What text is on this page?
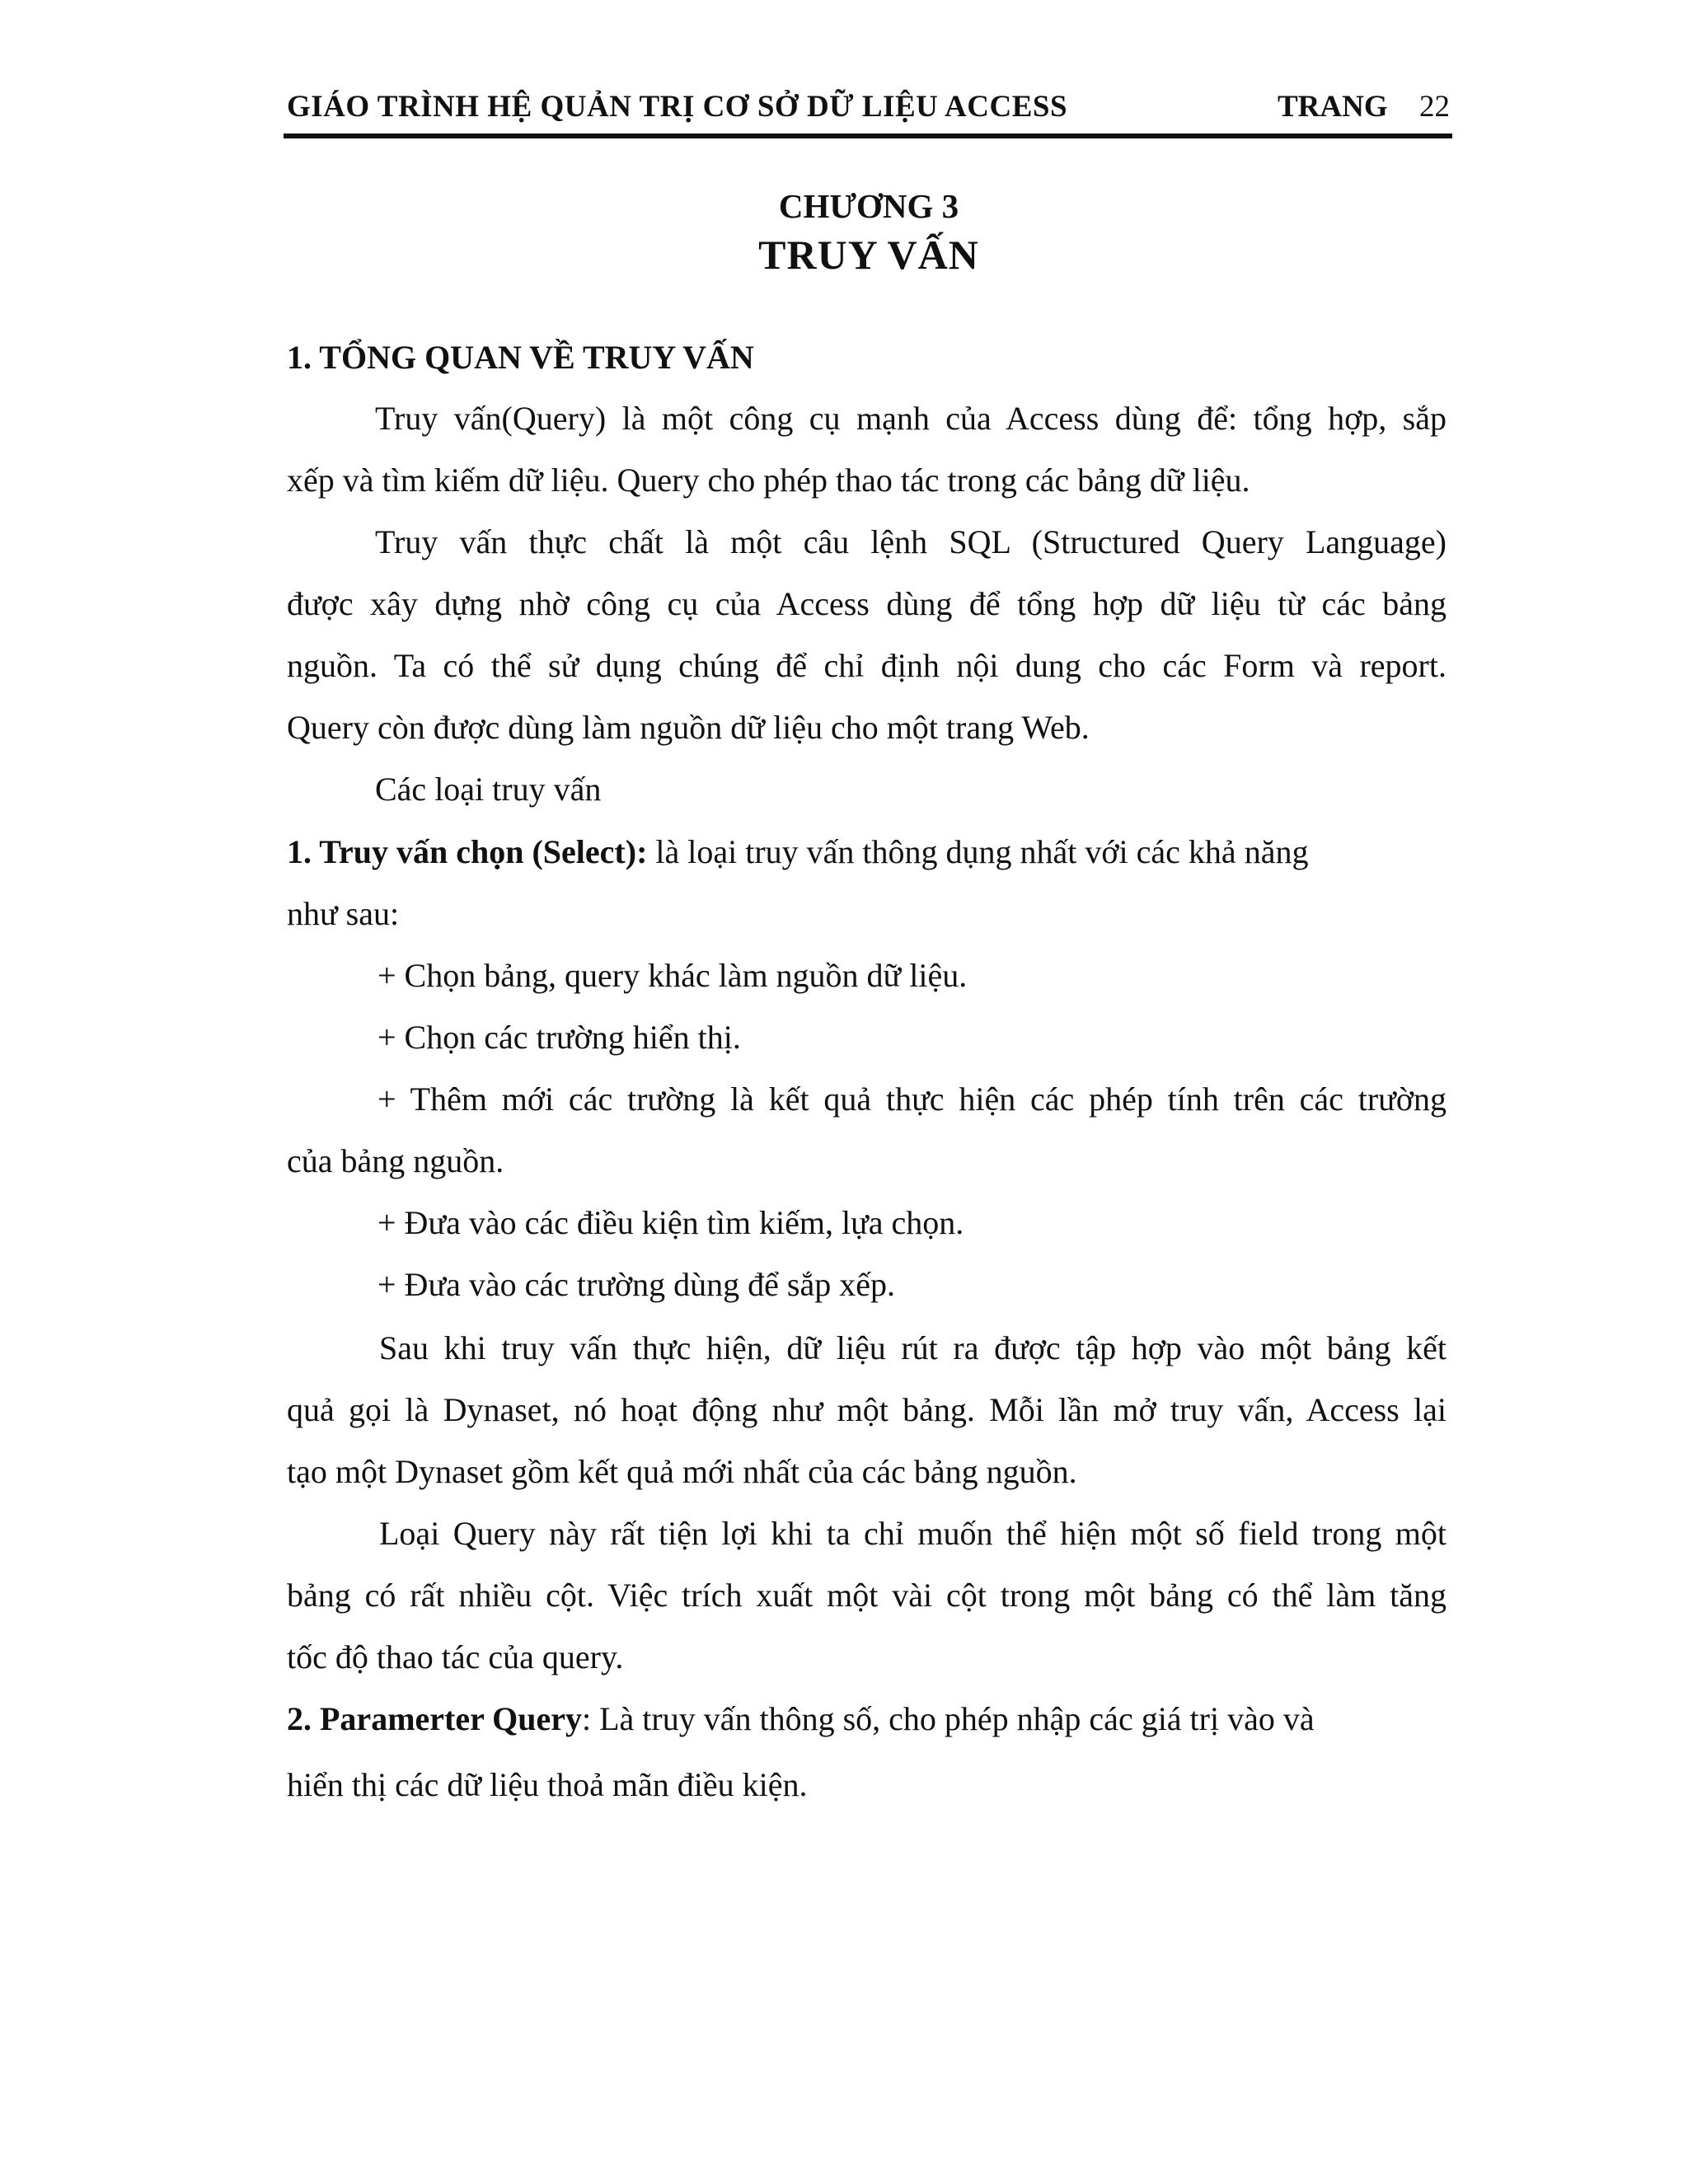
GIÁO TRÌNH HỆ QUẢN TRỊ CƠ SỞ DỮ LIỆU ACCESS	TRANG 22
CHƯƠNG 3
TRUY VẤN
1. TỔNG QUAN VỀ TRUY VẤN
Truy vấn(Query) là một công cụ mạnh của Access dùng để: tổng hợp, sắp
xếp và tìm kiếm dữ liệu. Query cho phép thao tác trong các bảng dữ liệu.
Truy vấn thực chất là một câu lệnh SQL (Structured Query Language)
được xây dựng nhờ công cụ của Access dùng để tổng hợp dữ liệu từ các bảng
nguồn. Ta có thể sử dụng chúng để chỉ định nội dung cho các Form và report.
Query còn được dùng làm nguồn dữ liệu cho một trang Web.
Các loại truy vấn
1. Truy vấn chọn (Select): là loại truy vấn thông dụng nhất với các khả năng
như sau:
+ Chọn bảng, query khác làm nguồn dữ liệu.
+ Chọn các trường hiển thị.
+ Thêm mới các trường là kết quả thực hiện các phép tính trên các trường
của bảng nguồn.
+ Đưa vào các điều kiện tìm kiếm, lựa chọn.
+ Đưa vào các trường dùng để sắp xếp.
Sau khi truy vấn thực hiện, dữ liệu rút ra được tập hợp vào một bảng kết
quả gọi là Dynaset, nó hoạt động như một bảng. Mỗi lần mở truy vấn, Access lại
tạo một Dynaset gồm kết quả mới nhất của các bảng nguồn.
Loại Query này rất tiện lợi khi ta chỉ muốn thể hiện một số field trong một
bảng có rất nhiều cột. Việc trích xuất một vài cột trong một bảng có thể làm tăng
tốc độ thao tác của query.
2. Paramerter Query: Là truy vấn thông số, cho phép nhập các giá trị vào và
hiển thị các dữ liệu thoả mãn điều kiện.
